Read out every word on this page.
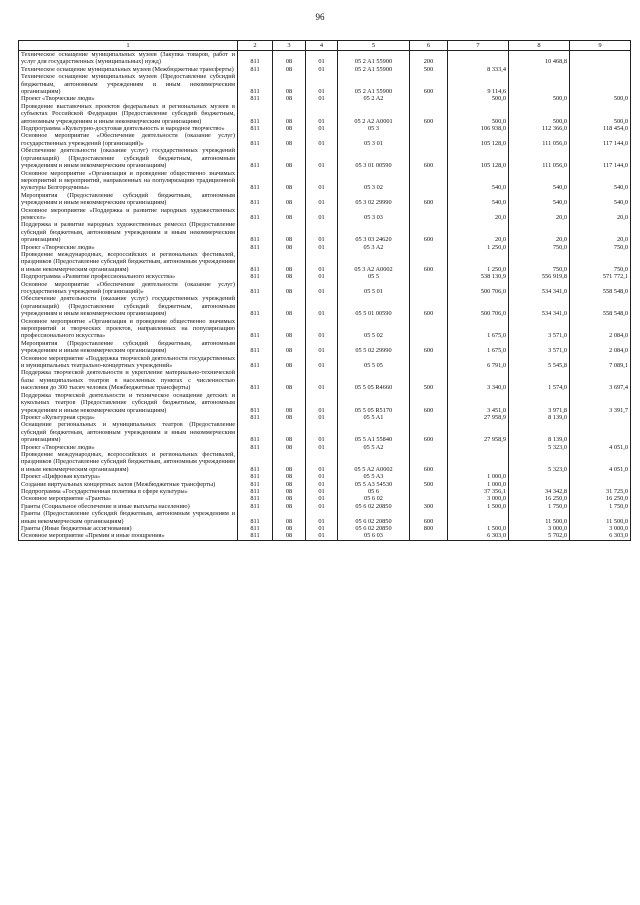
96
1	2	3	4	5	6	7	8	9
Техническое оснащение муниципальных музеев (Закупка товаров, работ и услуг для государственных (муниципальных) нужд)	811	08	01	05 2 A1 55900	200		10 468,8	
Техническое оснащение муниципальных музеев (Межбюджетные трансферты)	811	08	01	05 2 A1 55900	500	8 333,4		
Техническое оснащение муниципальных музеев (Предоставление субсидий бюджетным, автономным учреждениям и иным некоммерческим организациям)	811	08	01	05 2 A1 55900	600	9 114,6		
Проект «Творческие люди»	811	08	01	05 2 A2		500,0	500,0	500,0
Проведение выставочных проектов федеральных и региональных музеев в субъектах Российской Федерации (Предоставление субсидий бюджетным, автономным учреждениям и иным некоммерческим организациям)	811	08	01	05 2 A2 A0001	600	500,0	500,0	500,0
Подпрограмма «Культурно-досуговая деятельность и народное творчество»	811	08	01	05 3		106 938,0	112 366,0	118 454,0
Основное мероприятие «Обеспечение деятельности (оказание услуг) государственных учреждений (организаций)»	811	08	01	05 3 01		105 128,0	111 056,0	117 144,0
Обеспечение деятельности (оказание услуг) государственных учреждений (организаций) (Предоставление субсидий бюджетным, автономным учреждениям и иным некоммерческим организациям)	811	08	01	05 3 01 00590	600	105 128,0	111 056,0	117 144,0
Основное мероприятие «Организация и проведение общественно значимых мероприятий и мероприятий, направленных на популяризацию традиционной культуры Белгородчины»	811	08	01	05 3 02		540,0	540,0	540,0
Мероприятия (Предоставление субсидий бюджетным, автономным учреждениям и иным некоммерческим организациям)	811	08	01	05 3 02 29990	600	540,0	540,0	540,0
Основное мероприятие «Поддержка и развитие народных художественных ремесел»	811	08	01	05 3 03		20,0	20,0	20,0
Поддержка и развитие народных художественных ремесел (Предоставление субсидий бюджетным, автономным учреждениям и иным некоммерческим организациям)	811	08	01	05 3 03 24620	600	20,0	20,0	20,0
Проект «Творческие люди»	811	08	01	05 3 A2		1 250,0	750,0	750,0
Проведение международных, всероссийских и региональных фестивалей, праздников (Предоставление субсидий бюджетным, автономным учреждениям и иным некоммерческим организациям)	811	08	01	05 3 A2 A0002	600	1 250,0	750,0	750,0
Подпрограмма «Развитие профессионального искусства»	811	08	01	05 5		538 130,9	556 919,8	571 772,1
Основное мероприятие «Обеспечение деятельности (оказание услуг) государственных учреждений (организаций)»	811	08	01	05 5 01		500 706,0	534 341,0	558 548,0
Обеспечение деятельности (оказание услуг) государственных учреждений (организаций) (Предоставление субсидий бюджетным, автономным учреждениям и иным некоммерческим организациям)	811	08	01	05 5 01 00590	600	500 706,0	534 341,0	558 548,0
Основное мероприятие «Организация и проведение общественно значимых мероприятий и творческих проектов, направленных на популяризацию профессионального искусства»	811	08	01	05 5 02		1 675,0	3 571,0	2 084,0
Мероприятия (Предоставление субсидий бюджетным, автономным учреждениям и иным некоммерческим организациям)	811	08	01	05 5 02 29990	600	1 675,0	3 571,0	2 084,0
Основное мероприятие «Поддержка творческой деятельности государственных и муниципальных театрально-концертных учреждений»	811	08	01	05 5 05		6 791,0	5 545,8	7 089,1
Поддержка творческой деятельности и укрепление материально-технической базы муниципальных театров в населенных пунктах с численностью населения до 300 тысяч человек (Межбюджетные трансферты)	811	08	01	05 5 05 R4660	500	3 340,0	1 574,0	3 697,4
Поддержка творческой деятельности и техническое оснащение детских и кукольных театров (Предоставление субсидий бюджетным, автономным учреждениям и иным некоммерческим организациям)	811	08	01	05 5 05 R5170	600	3 451,0	3 971,8	3 391,7
Проект «Культурная среда»	811	08	01	05 5 A1		27 958,9	8 139,0	
Оснащение региональных и муниципальных театров (Предоставление субсидий бюджетным, автономным учреждениям и иным некоммерческим организациям)	811	08	01	05 5 A1 55840	600	27 958,9	8 139,0	
Проект «Творческие люди»	811	08	01	05 5 A2			5 323,0	4 051,0
Проведение международных, всероссийских и региональных фестивалей, праздников (Предоставление субсидий бюджетным, автономным учреждениям и иным некоммерческим организациям)	811	08	01	05 5 A2 A0002	600		5 323,0	4 051,0
Проект «Цифровая культура»	811	08	01	05 5 A3		1 000,0		
Создание виртуальных концертных залов (Межбюджетные трансферты)	811	08	01	05 5 A3 54530	500	1 000,0		
Подпрограмма «Государственная политика в сфере культуры»	811	08	01	05 6		37 356,1	34 342,8	31 725,0
Основное мероприятие «Гранты»	811	08	01	05 6 02		3 000,0	16 250,0	16 250,0
Гранты (Социальное обеспечение и иные выплаты населению)	811	08	01	05 6 02 20850	300	1 500,0	1 750,0	1 750,0
Гранты (Предоставление субсидий бюджетным, автономным учреждениям и иным некоммерческим организациям)	811	08	01	05 6 02 20850	600		11 500,0	11 500,0
Гранты (Иные бюджетные ассигнования)	811	08	01	05 6 02 20850	800	1 500,0	3 000,0	3 000,0
Основное мероприятие «Премии и иные поощрения»	811	08	01	05 6 03		6 303,0	5 702,0	6 303,0
